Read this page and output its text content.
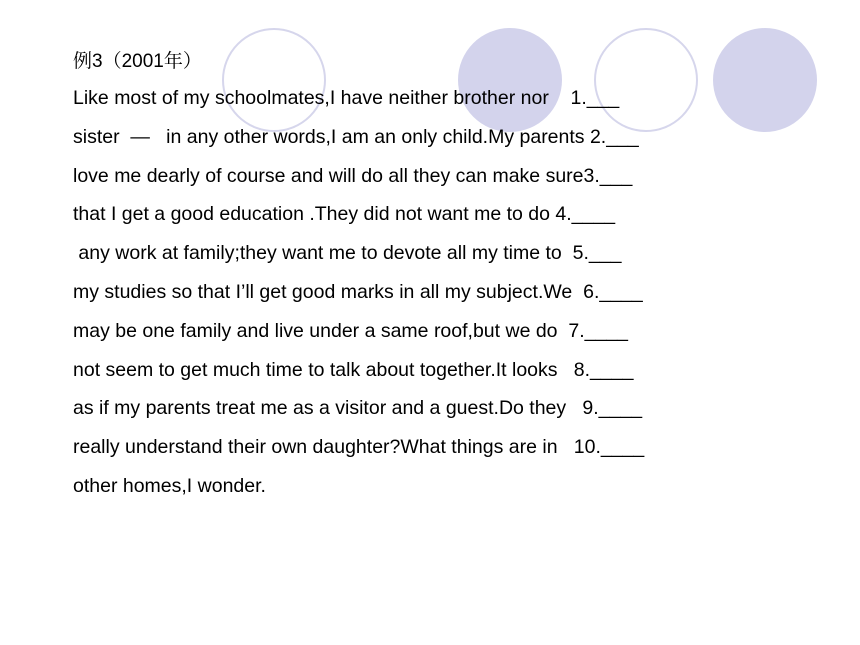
例3（2001年）
Like most of my schoolmates,I have neither brother nor    1.___
sister  —   in any other words,I am an only child.My parents 2.___
love me dearly of course and will do all they can make sure3.___
that I get a good education .They did not want me to do 4.____
any work at family;they want me to devote all my time to  5.___
my studies so that I’ll get good marks in all my subject.We  6.____
may be one family and live under a same roof,but we do  7.____
not seem to get much time to talk about together.It looks   8.____
as if my parents treat me as a visitor and a guest.Do they   9.____
really understand their own daughter?What things are in   10.____
other homes,I wonder.
